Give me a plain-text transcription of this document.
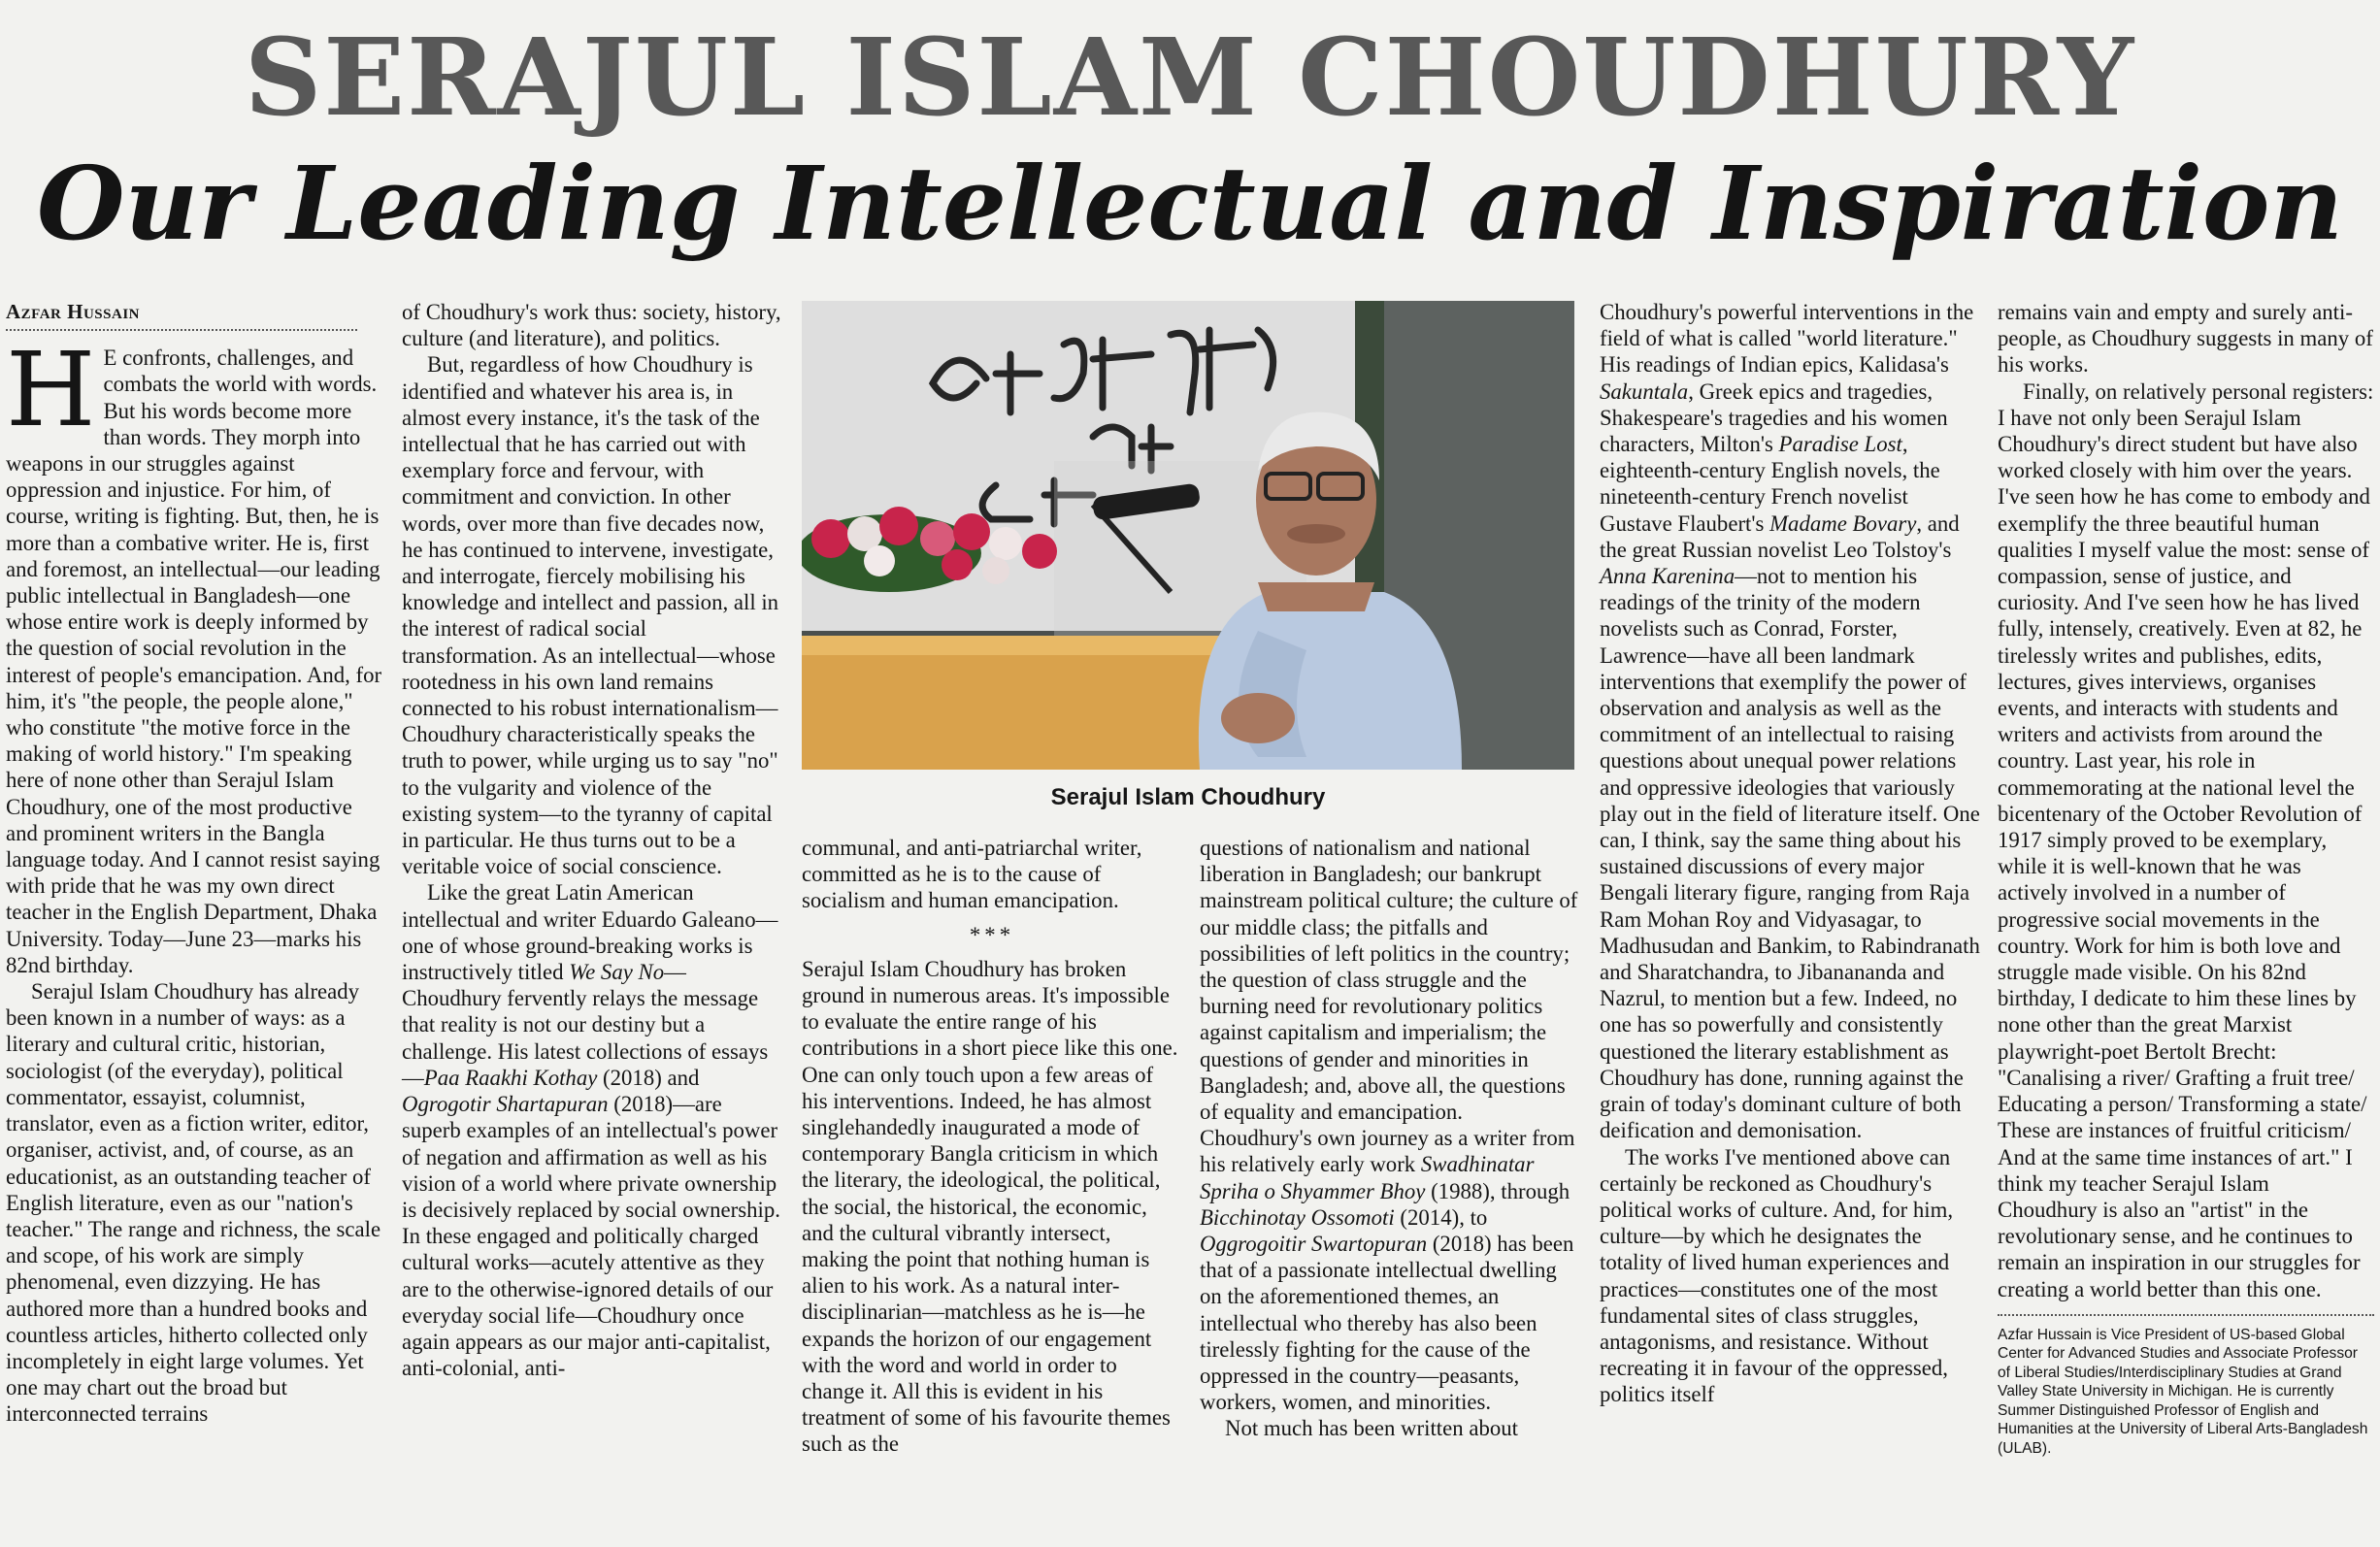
SERAJUL ISLAM CHOUDHURY
Our Leading Intellectual and Inspiration
Azfar Hussain

H E confronts, challenges, and combats the world with words. But his words become more than words. They morph into weapons in our struggles against oppression and injustice. For him, of course, writing is fighting. But, then, he is more than a combative writer. He is, first and foremost, an intellectual—our leading public intellectual in Bangladesh—one whose entire work is deeply informed by the question of social revolution in the interest of people's emancipation. And, for him, it's "the people, the people alone," who constitute "the motive force in the making of world history." I'm speaking here of none other than Serajul Islam Choudhury, one of the most productive and prominent writers in the Bangla language today. And I cannot resist saying with pride that he was my own direct teacher in the English Department, Dhaka University. Today—June 23—marks his 82nd birthday.

Serajul Islam Choudhury has already been known in a number of ways: as a literary and cultural critic, historian, sociologist (of the everyday), political commentator, essayist, columnist, translator, even as a fiction writer, editor, organiser, activist, and, of course, as an educationist, as an outstanding teacher of English literature, even as our "nation's teacher." The range and richness, the scale and scope, of his work are simply phenomenal, even dizzying. He has authored more than a hundred books and countless articles, hitherto collected only incompletely in eight large volumes. Yet one may chart out the broad but interconnected terrains

of Choudhury's work thus: society, history, culture (and literature), and politics.

But, regardless of how Choudhury is identified and whatever his area is, in almost every instance, it's the task of the intellectual that he has carried out with exemplary force and fervour, with commitment and conviction. In other words, over more than five decades now, he has continued to intervene, investigate, and interrogate, fiercely mobilising his knowledge and intellect and passion, all in the interest of radical social transformation. As an intellectual—whose rootedness in his own land remains connected to his robust internationalism—Choudhury characteristically speaks the truth to power, while urging us to say "no" to the vulgarity and violence of the existing system—to the tyranny of capital in particular. He thus turns out to be a veritable voice of social conscience.

Like the great Latin American intellectual and writer Eduardo Galeano—one of whose ground-breaking works is instructively titled We Say No—Choudhury fervently relays the message that reality is not our destiny but a challenge. His latest collections of essays—Paa Raakhi Kothay (2018) and Ogrogotir Shartapuran (2018)—are superb examples of an intellectual's power of negation and affirmation as well as his vision of a world where private ownership is decisively replaced by social ownership. In these engaged and politically charged cultural works—acutely attentive as they are to the otherwise-ignored details of our everyday social life—Choudhury once again appears as our major anti-capitalist, anti-colonial, anti-

Serajul Islam Choudhury

communal, and anti-patriarchal writer, committed as he is to the cause of socialism and human emancipation.

***

Serajul Islam Choudhury has broken ground in numerous areas. It's impossible to evaluate the entire range of his contributions in a short piece like this one. One can only touch upon a few areas of his interventions. Indeed, he has almost singlehandedly inaugurated a mode of contemporary Bangla criticism in which the literary, the ideological, the political, the social, the historical, the economic, and the cultural vibrantly intersect, making the point that nothing human is alien to his work. As a natural inter-disciplinarian—matchless as he is—he expands the horizon of our engagement with the word and world in order to change it. All this is evident in his treatment of some of his favourite themes such as the

questions of nationalism and national liberation in Bangladesh; our bankrupt mainstream political culture; the culture of our middle class; the pitfalls and possibilities of left politics in the country; the question of class struggle and the burning need for revolutionary politics against capitalism and imperialism; the questions of gender and minorities in Bangladesh; and, above all, the questions of equality and emancipation. Choudhury's own journey as a writer from his relatively early work Swadhinatar Spriha o Shyammer Bhoy (1988), through Bicchinotay Ossomoti (2014), to Oggrogoitir Swartopuran (2018) has been that of a passionate intellectual dwelling on the aforementioned themes, an intellectual who thereby has also been tirelessly fighting for the cause of the oppressed in the country—peasants, workers, women, and minorities.

Not much has been written about

Choudhury's powerful interventions in the field of what is called "world literature." His readings of Indian epics, Kalidasa's Sakuntala, Greek epics and tragedies, Shakespeare's tragedies and his women characters, Milton's Paradise Lost, eighteenth-century English novels, the nineteenth-century French novelist Gustave Flaubert's Madame Bovary, and the great Russian novelist Leo Tolstoy's Anna Karenina—not to mention his readings of the trinity of the modern novelists such as Conrad, Forster, Lawrence—have all been landmark interventions that exemplify the power of observation and analysis as well as the commitment of an intellectual to raising questions about unequal power relations and oppressive ideologies that variously play out in the field of literature itself. One can, I think, say the same thing about his sustained discussions of every major Bengali literary figure, ranging from Raja Ram Mohan Roy and Vidyasagar, to Madhusudan and Bankim, to Rabindranath and Sharatchandra, to Jibanananda and Nazrul, to mention but a few. Indeed, no one has so powerfully and consistently questioned the literary establishment as Choudhury has done, running against the grain of today's dominant culture of both deification and demonisation.

The works I've mentioned above can certainly be reckoned as Choudhury's political works of culture. And, for him, culture—by which he designates the totality of lived human experiences and practices—constitutes one of the most fundamental sites of class struggles, antagonisms, and resistance. Without recreating it in favour of the oppressed, politics itself

remains vain and empty and surely anti-people, as Choudhury suggests in many of his works.

Finally, on relatively personal registers: I have not only been Serajul Islam Choudhury's direct student but have also worked closely with him over the years. I've seen how he has come to embody and exemplify the three beautiful human qualities I myself value the most: sense of compassion, sense of justice, and curiosity. And I've seen how he has lived fully, intensely, creatively. Even at 82, he tirelessly writes and publishes, edits, lectures, gives interviews, organises events, and interacts with students and writers and activists from around the country. Last year, his role in commemorating at the national level the bicentenary of the October Revolution of 1917 simply proved to be exemplary, while it is well-known that he was actively involved in a number of progressive social movements in the country. Work for him is both love and struggle made visible. On his 82nd birthday, I dedicate to him these lines by none other than the great Marxist playwright-poet Bertolt Brecht: "Canalising a river/ Grafting a fruit tree/ Educating a person/ Transforming a state/ These are instances of fruitful criticism/ And at the same time instances of art." I think my teacher Serajul Islam Choudhury is also an "artist" in the revolutionary sense, and he continues to remain an inspiration in our struggles for creating a world better than this one.

Azfar Hussain is Vice President of US-based Global Center for Advanced Studies and Associate Professor of Liberal Studies/Interdisciplinary Studies at Grand Valley State University in Michigan. He is currently Summer Distinguished Professor of English and Humanities at the University of Liberal Arts-Bangladesh (ULAB).
